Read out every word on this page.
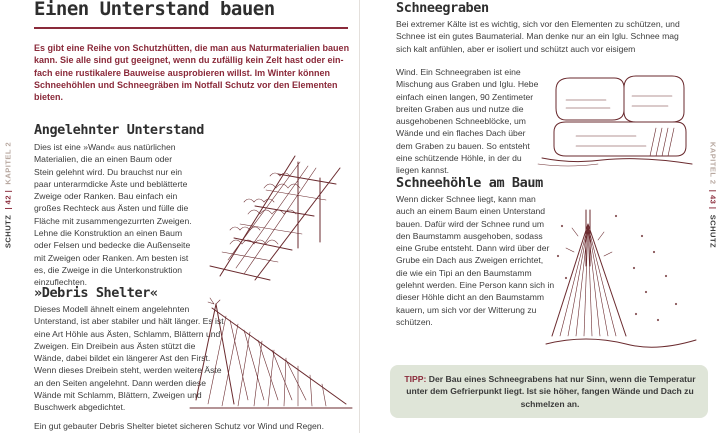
SCHUTZ  | 42 |  KAPITEL 2
Einen Unterstand bauen

Es gibt eine Reihe von Schutzhütten, die man aus Naturmaterialien bauen kann. Sie alle sind gut geeignet, wenn du zufällig kein Zelt hast oder ein-fach eine rustikalere Bauweise ausprobieren willst. Im Winter können Schneehöhlen und Schneegräben im Notfall Schutz vor den Elementen bieten.

Angelehnter Unterstand

Dies ist eine »Wand« aus natürlichen Materialien, die an einen Baum oder Stein gelehnt wird. Du brauchst nur ein paar unterarmdicke Äste und beblätterte Zweige oder Ranken. Bau einfach ein großes Rechteck aus Ästen und fülle die Fläche mit zusammengezurrten Zweigen. Lehne die Konstruktion an einen Baum oder Felsen und bedecke die Außenseite mit Zweigen oder Ranken. Am besten ist es, die Zweige in die Unterkonstruktion einzuflechten.

»Debris Shelter«

Dieses Modell ähnelt einem angelehnten Unterstand, ist aber stabiler und hält länger. Es ist eine Art Höhle aus Ästen, Schlamm, Blättern und Zweigen. Ein Dreibein aus Ästen stützt die Wände, dabei bildet ein längerer Ast den First. Wenn dieses Dreibein steht, werden weitere Äste an den Seiten angelehnt. Dann werden diese Wände mit Schlamm, Blättern, Zweigen und Buschwerk abgedichtet.

Ein gut gebauter Debris Shelter bietet sicheren Schutz vor Wind und Regen.

Schneegraben

Bei extremer Kälte ist es wichtig, sich vor den Elementen zu schützen, und Schnee ist ein gutes Baumaterial. Man denke nur an ein Iglu. Schnee mag sich kalt anfühlen, aber er isoliert und schützt auch vor eisigem

Wind. Ein Schneegraben ist eine Mischung aus Graben und Iglu. Hebe einfach einen langen, 90 Zentimeter breiten Graben aus und nutze die ausgehobenen Schneeblöcke, um Wände und ein flaches Dach über dem Graben zu bauen. So entsteht eine schützende Höhle, in der du liegen kannst.

Schneehöhle am Baum

Wenn dicker Schnee liegt, kann man auch an einem Baum einen Unterstand bauen. Dafür wird der Schnee rund um den Baumstamm ausgehoben, sodass eine Grube entsteht. Dann wird über der Grube ein Dach aus Zweigen errichtet, die wie ein Tipi an den Baumstamm gelehnt werden. Eine Person kann sich in dieser Höhle dicht an den Baumstamm kauern, um sich vor der Witterung zu schützen.

TIPP: Der Bau eines Schneegrabens hat nur Sinn, wenn die Temperatur unter dem Gefrierpunkt liegt. Ist sie höher, fangen Wände und Dach zu schmelzen an.
KAPITEL 2  | 43 |  SCHUTZ
